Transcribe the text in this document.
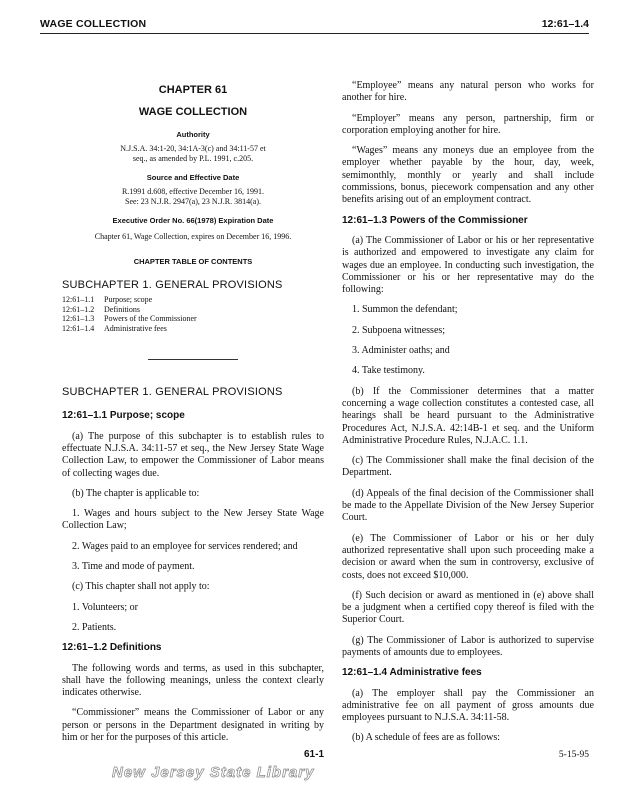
WAGE COLLECTION	12:61–1.4
CHAPTER 61
WAGE COLLECTION
Authority
N.J.S.A. 34:1-20, 34:1A-3(c) and 34:11-57 et
seq., as amended by P.L. 1991, c.205.
Source and Effective Date
R.1991 d.608, effective December 16, 1991.
See: 23 N.J.R. 2947(a), 23 N.J.R. 3814(a).
Executive Order No. 66(1978) Expiration Date
Chapter 61, Wage Collection, expires on December 16, 1996.
CHAPTER TABLE OF CONTENTS
SUBCHAPTER 1. GENERAL PROVISIONS
12:61–1.1	Purpose; scope
12:61–1.2	Definitions
12:61–1.3	Powers of the Commissioner
12:61–1.4	Administrative fees
SUBCHAPTER 1. GENERAL PROVISIONS
12:61–1.1 Purpose; scope

(a) The purpose of this subchapter is to establish rules to effectuate N.J.S.A. 34:11-57 et seq., the New Jersey State Wage Collection Law, to empower the Commissioner of Labor means of collecting wages due.

(b) The chapter is applicable to:

1. Wages and hours subject to the New Jersey State Wage Collection Law;

2. Wages paid to an employee for services rendered; and

3. Time and mode of payment.

(c) This chapter shall not apply to:

1. Volunteers; or

2. Patients.

12:61–1.2 Definitions

The following words and terms, as used in this subchapter, shall have the following meanings, unless the context clearly indicates otherwise.

“Commissioner” means the Commissioner of Labor or any person or persons in the Department designated in writing by him or her for the purposes of this article.

“Employee” means any natural person who works for another for hire.

“Employer” means any person, partnership, firm or corporation employing another for hire.

“Wages” means any moneys due an employee from the employer whether payable by the hour, day, week, semimonthly, monthly or yearly and shall include commissions, bonus, piecework compensation and any other benefits arising out of an employment contract.

12:61–1.3 Powers of the Commissioner

(a) The Commissioner of Labor or his or her representative is authorized and empowered to investigate any claim for wages due an employee. In conducting such investigation, the Commissioner or his or her representative may do the following:

1. Summon the defendant;

2. Subpoena witnesses;

3. Administer oaths; and

4. Take testimony.

(b) If the Commissioner determines that a matter concerning a wage collection constitutes a contested case, all hearings shall be heard pursuant to the Administrative Procedures Act, N.J.S.A. 42:14B-1 et seq. and the Uniform Administrative Procedure Rules, N.J.A.C. 1.1.

(c) The Commissioner shall make the final decision of the Department.

(d) Appeals of the final decision of the Commissioner shall be made to the Appellate Division of the New Jersey Superior Court.

(e) The Commissioner of Labor or his or her duly authorized representative shall upon such proceeding make a decision or award when the sum in controversy, exclusive of costs, does not exceed $10,000.

(f) Such decision or award as mentioned in (e) above shall be a judgment when a certified copy thereof is filed with the Superior Court.

(g) The Commissioner of Labor is authorized to supervise payments of amounts due to employees.

12:61–1.4 Administrative fees

(a) The employer shall pay the Commissioner an administrative fee on all payment of gross amounts due employees pursuant to N.J.S.A. 34:11-58.

(b) A schedule of fees are as follows:

61-1	5-15-95
New Jersey State Library
